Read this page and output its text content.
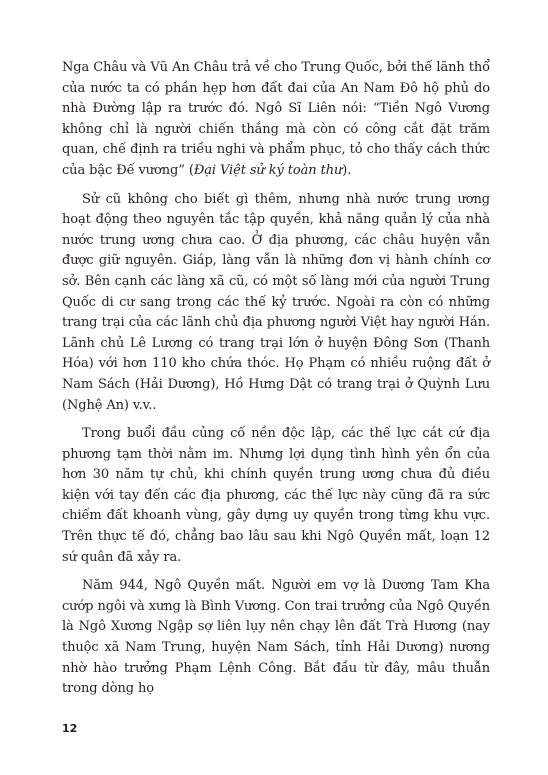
Nga Châu và Vũ An Châu trả về cho Trung Quốc, bởi thế lãnh thổ của nước ta có phần hẹp hơn đất đai của An Nam Đô hộ phủ do nhà Đường lập ra trước đó. Ngô Sĩ Liên nói: “Tiền Ngô Vương không chỉ là người chiến thắng mà còn có công cắt đặt trăm quan, chế định ra triều nghi và phẩm phục, tỏ cho thấy cách thức của bậc Đế vương” (Đại Việt sử ký toàn thư).

Sử cũ không cho biết gì thêm, nhưng nhà nước trung ương hoạt động theo nguyên tắc tập quyền, khả năng quản lý của nhà nước trung ương chưa cao. Ở địa phương, các châu huyện vẫn được giữ nguyên. Giáp, làng vẫn là những đơn vị hành chính cơ sở. Bên cạnh các làng xã cũ, có một số làng mới của người Trung Quốc di cư sang trong các thế kỷ trước. Ngoài ra còn có những trang trại của các lãnh chủ địa phương người Việt hay người Hán. Lãnh chủ Lê Lương có trang trại lớn ở huyện Đông Sơn (Thanh Hóa) với hơn 110 kho chứa thóc. Họ Phạm có nhiều ruộng đất ở Nam Sách (Hải Dương), Hồ Hưng Dật có trang trại ở Quỳnh Lưu (Nghệ An) v.v..

Trong buổi đầu củng cố nền độc lập, các thế lực cát cứ địa phương tạm thời nằm im. Nhưng lợi dụng tình hình yên ổn của hơn 30 năm tự chủ, khi chính quyền trung ương chưa đủ điều kiện với tay đến các địa phương, các thế lực này cũng đã ra sức chiếm đất khoanh vùng, gây dựng uy quyền trong từng khu vực. Trên thực tế đó, chẳng bao lâu sau khi Ngô Quyền mất, loạn 12 sứ quân đã xảy ra.

Năm 944, Ngô Quyền mất. Người em vợ là Dương Tam Kha cướp ngôi và xưng là Bình Vương. Con trai trưởng của Ngô Quyền là Ngô Xương Ngập sợ liên lụy nên chạy lên đất Trà Hương (nay thuộc xã Nam Trung, huyện Nam Sách, tỉnh Hải Dương) nương nhờ hào trưởng Phạm Lệnh Công. Bắt đầu từ đây, mâu thuẫn trong dòng họ

12
